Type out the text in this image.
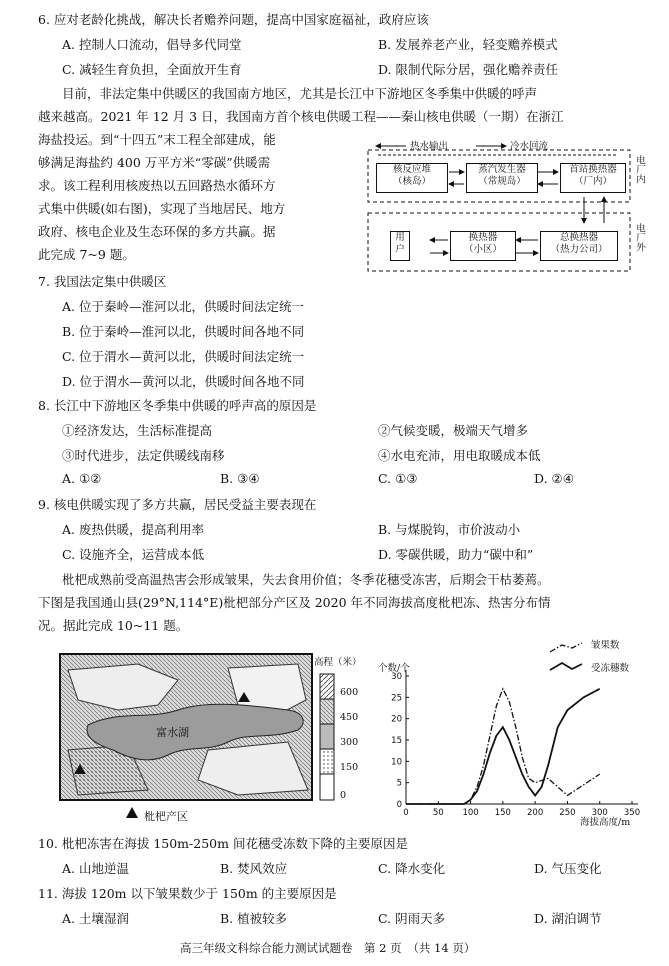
6. 应对老龄化挑战，解决长者赡养问题，提高中国家庭福祉，政府应该
A. 控制人口流动，倡导多代同堂	B. 发展养老产业，轻变赡养模式
C. 减轻生育负担，全面放开生育	D. 限制代际分居，强化赡养责任
目前，非法定集中供暖区的我国南方地区，尤其是长江中下游地区冬季集中供暖的呼声
越来越高。2021 年 12 月 3 日，我国南方首个核电供暖工程——秦山核电供暖（一期）在浙江
海盐投运。到“十四五”末工程全部建成，能
够满足海盐约 400 万平方米“零碳”供暖需
求。该工程利用核废热以五回路热水循环方
式集中供暖(如右图)，实现了当地居民、地方
政府、核电企业及生态环保的多方共赢。据
此完成 7~9 题。
热水输出	冷水回流
核反应堆
（核岛）
蒸汽发生器
（常规岛）
首站换热器
（厂内）
用
户
换热器
（小区）
总换热器
（热力公司）
电厂内
电厂外
7. 我国法定集中供暖区
A. 位于秦岭—淮河以北，供暖时间法定统一
B. 位于秦岭—淮河以北，供暖时间各地不同
C. 位于渭水—黄河以北，供暖时间法定统一
D. 位于渭水—黄河以北，供暖时间各地不同
8. 长江中下游地区冬季集中供暖的呼声高的原因是
①经济发达，生活标准提高	②气候变暖，极端天气增多
③时代进步，法定供暖线南移	④水电充沛，用电取暖成本低
A. ①②	B. ③④	C. ①③	D. ②④
9. 核电供暖实现了多方共赢，居民受益主要表现在
A. 废热供暖，提高利用率	B. 与煤脱钩，市价波动小
C. 设施齐全，运营成本低	D. 零碳供暖，助力“碳中和”
枇杷成熟前受高温热害会形成皱果，失去食用价值；冬季花穗受冻害，后期会干枯萎蔫。
下图是我国通山县(29°N,114°E)枇杷部分产区及 2020 年不同海拔高度枇杷冻、热害分布情
况。据此完成 10~11 题。
富水湖
高程（米）
600
450
300
150
0
枇杷产区	0	50 100 150 200 250 300 350
0
5
10
15
20
25
30
个数/个
海拔高度/m
皱果数
受冻穗数
10. 枇杷冻害在海拔 150m-250m 间花穗受冻数下降的主要原因是
A. 山地逆温	B. 焚风效应	C. 降水变化	D. 气压变化
11. 海拔 120m 以下皱果数少于 150m 的主要原因是
A. 土壤湿润	B. 植被较多	C. 阴雨天多	D. 湖泊调节
高三年级文科综合能力测试试题卷　第 2 页　（共 14 页）
